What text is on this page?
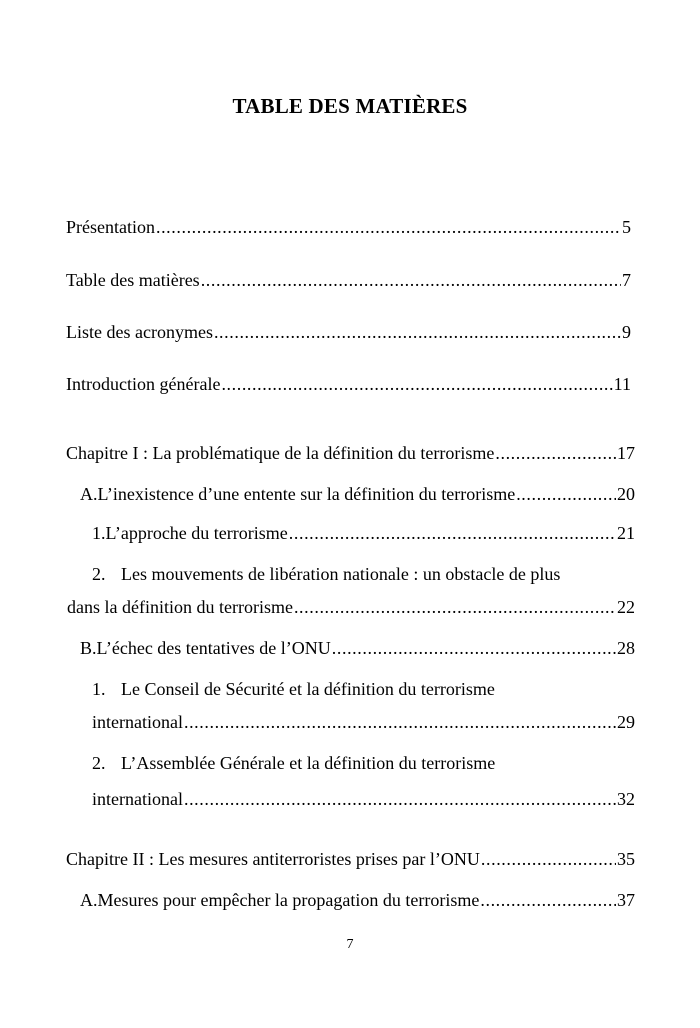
TABLE DES MATIÈRES
Présentation .....	5
Table des matières .....	7
Liste des acronymes .....	9
Introduction générale .....	11
Chapitre I : La problématique de la définition du terrorisme .....	17
A. L’inexistence d’une entente sur la définition du terrorisme .....	20
1. L’approche du terrorisme .....	21
2. Les mouvements de libération nationale : un obstacle de plus
dans la définition du terrorisme .....	22
B. L’échec des tentatives de l’ONU .....	28
1. Le Conseil de Sécurité et la définition du terrorisme
international .....	29
2. L’Assemblée Générale et la définition du terrorisme
international .....	32
Chapitre II : Les mesures antiterroristes prises par l’ONU .....	35
A. Mesures pour empêcher la propagation du terrorisme .....	37
7
